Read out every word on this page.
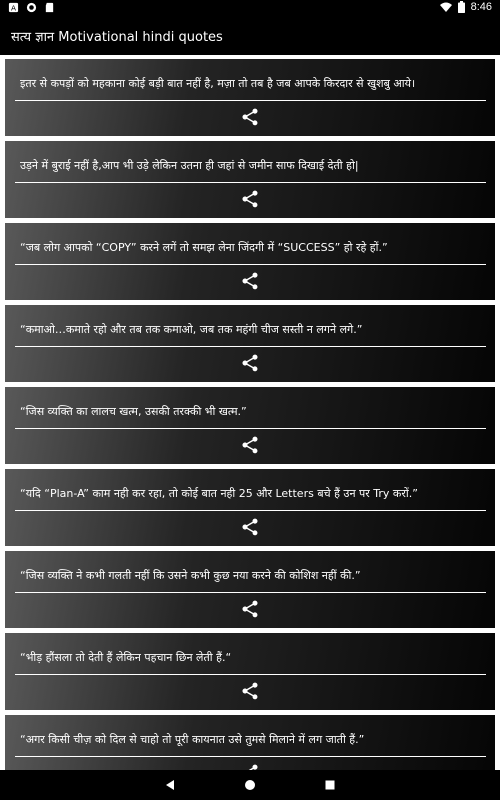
A	8:46
सत्य ज्ञान Motivational hindi quotes
इतर से कपड़ों को महकाना कोई बड़ी बात नहीं है, मज़ा तो तब है जब आपके किरदार से खुशबु आये।
उड़ने में बुराई नहीं है,आप भी उड़े लेकिन उतना ही जहां से जमीन साफ दिखाई देती हो|
“जब लोग आपको “COPY” करने लगें तो समझ लेना जिंदगी में “SUCCESS” हो रहे हों.”
“कमाओ…कमाते रहो और तब तक कमाओ, जब तक महंगी चीज सस्ती न लगने लगे.”
“जिस व्यक्ति का लालच खत्म, उसकी तरक्की भी खत्म.”
“यदि “Plan-A” काम नही कर रहा, तो कोई बात नही 25 और Letters बचे हैं उन पर Try करों.”
“जिस व्यक्ति ने कभी गलती नहीं कि उसने कभी कुछ नया करने की कोशिश नहीं की.”
“भीड़ हौंसला तो देती हैं लेकिन पहचान छिन लेती हैं.“
“अगर किसी चीज़ को दिल से चाहो तो पूरी कायनात उसे तुमसे मिलाने में लग जाती हैं.”
